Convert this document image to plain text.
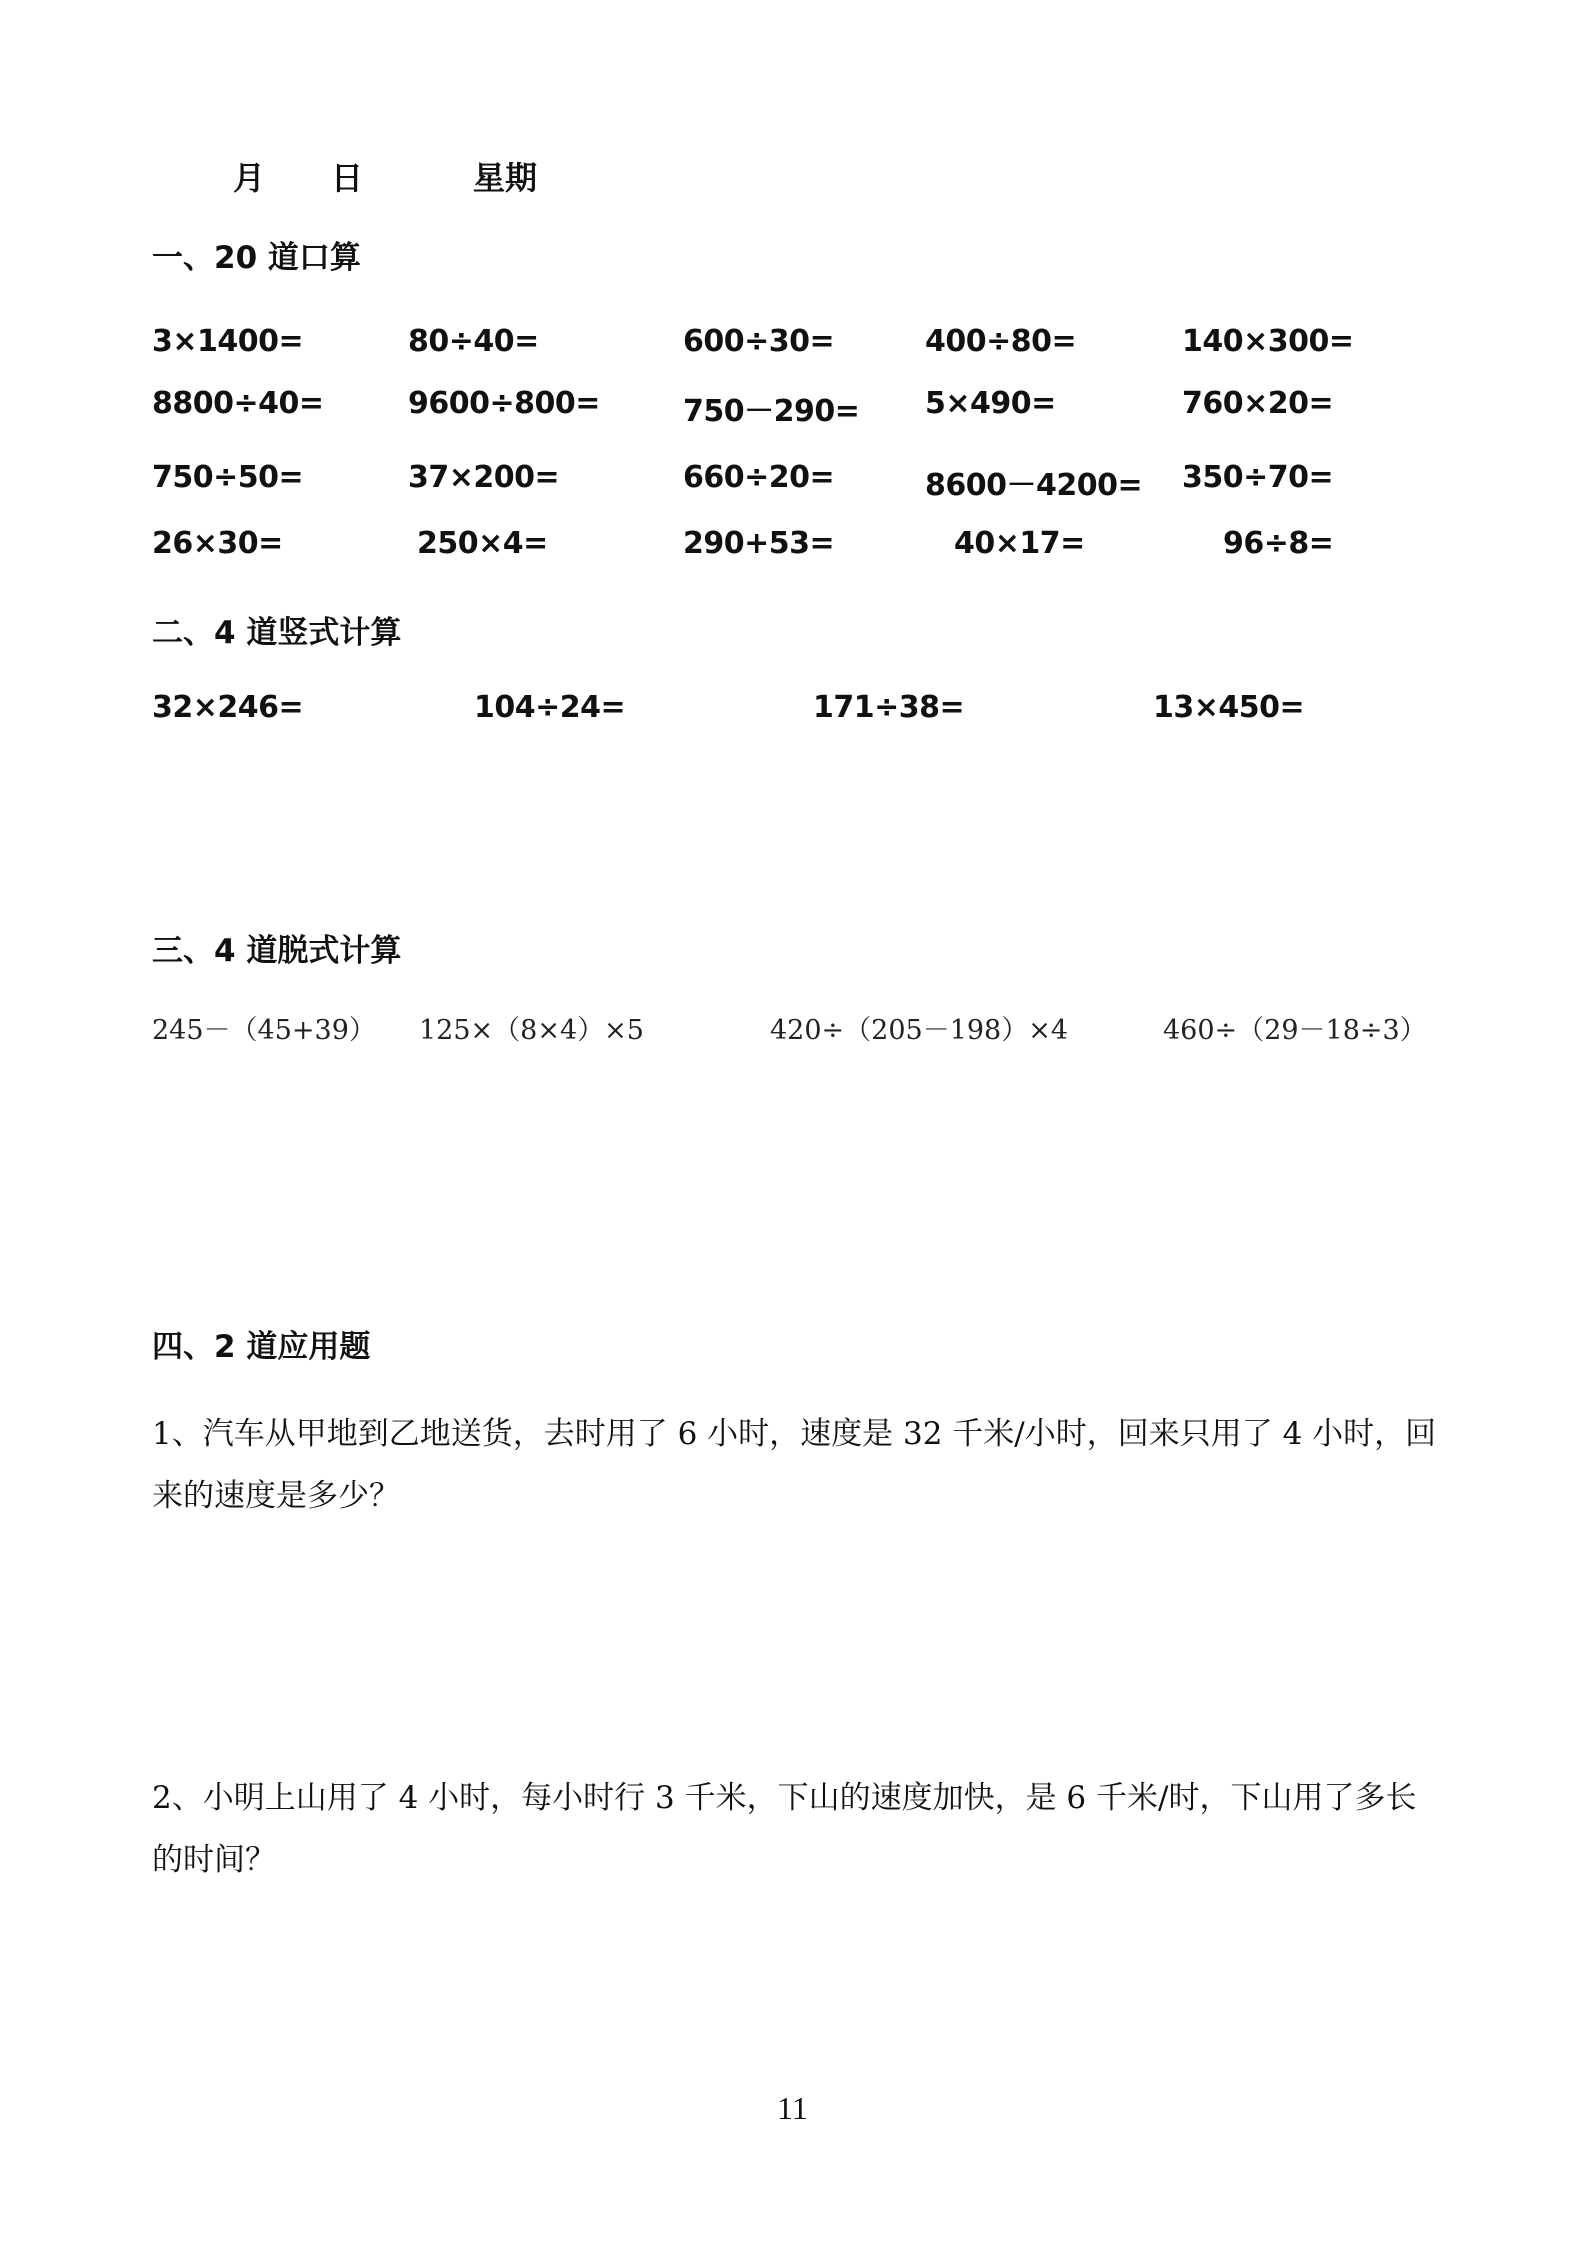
月 日	星期
一、20 道口算
3×1400=	80÷40=	600÷30=	400÷80=	140×300=
8800÷40=	9600÷800=	750－290= 5×490=	760×20=
750÷50=	37×200=	660÷20=	8600－4200= 350÷70=
26×30=	250×4=	290+53=	40×17=	96÷8=
二、4 道竖式计算
32×246=	104÷24=	171÷38=	13×450=
三、4 道脱式计算
245－（45+39） 125×（8×4）×5	420÷（205－198）×4	460÷（29－18÷3）
四、2 道应用题
1、汽车从甲地到乙地送货，去时用了 6 小时，速度是 32 千米/小时，回来只用了 4 小时，回
来的速度是多少？
2、小明上山用了 4 小时，每小时行 3 千米，下山的速度加快，是 6 千米/时，下山用了多长
的时间？
11
